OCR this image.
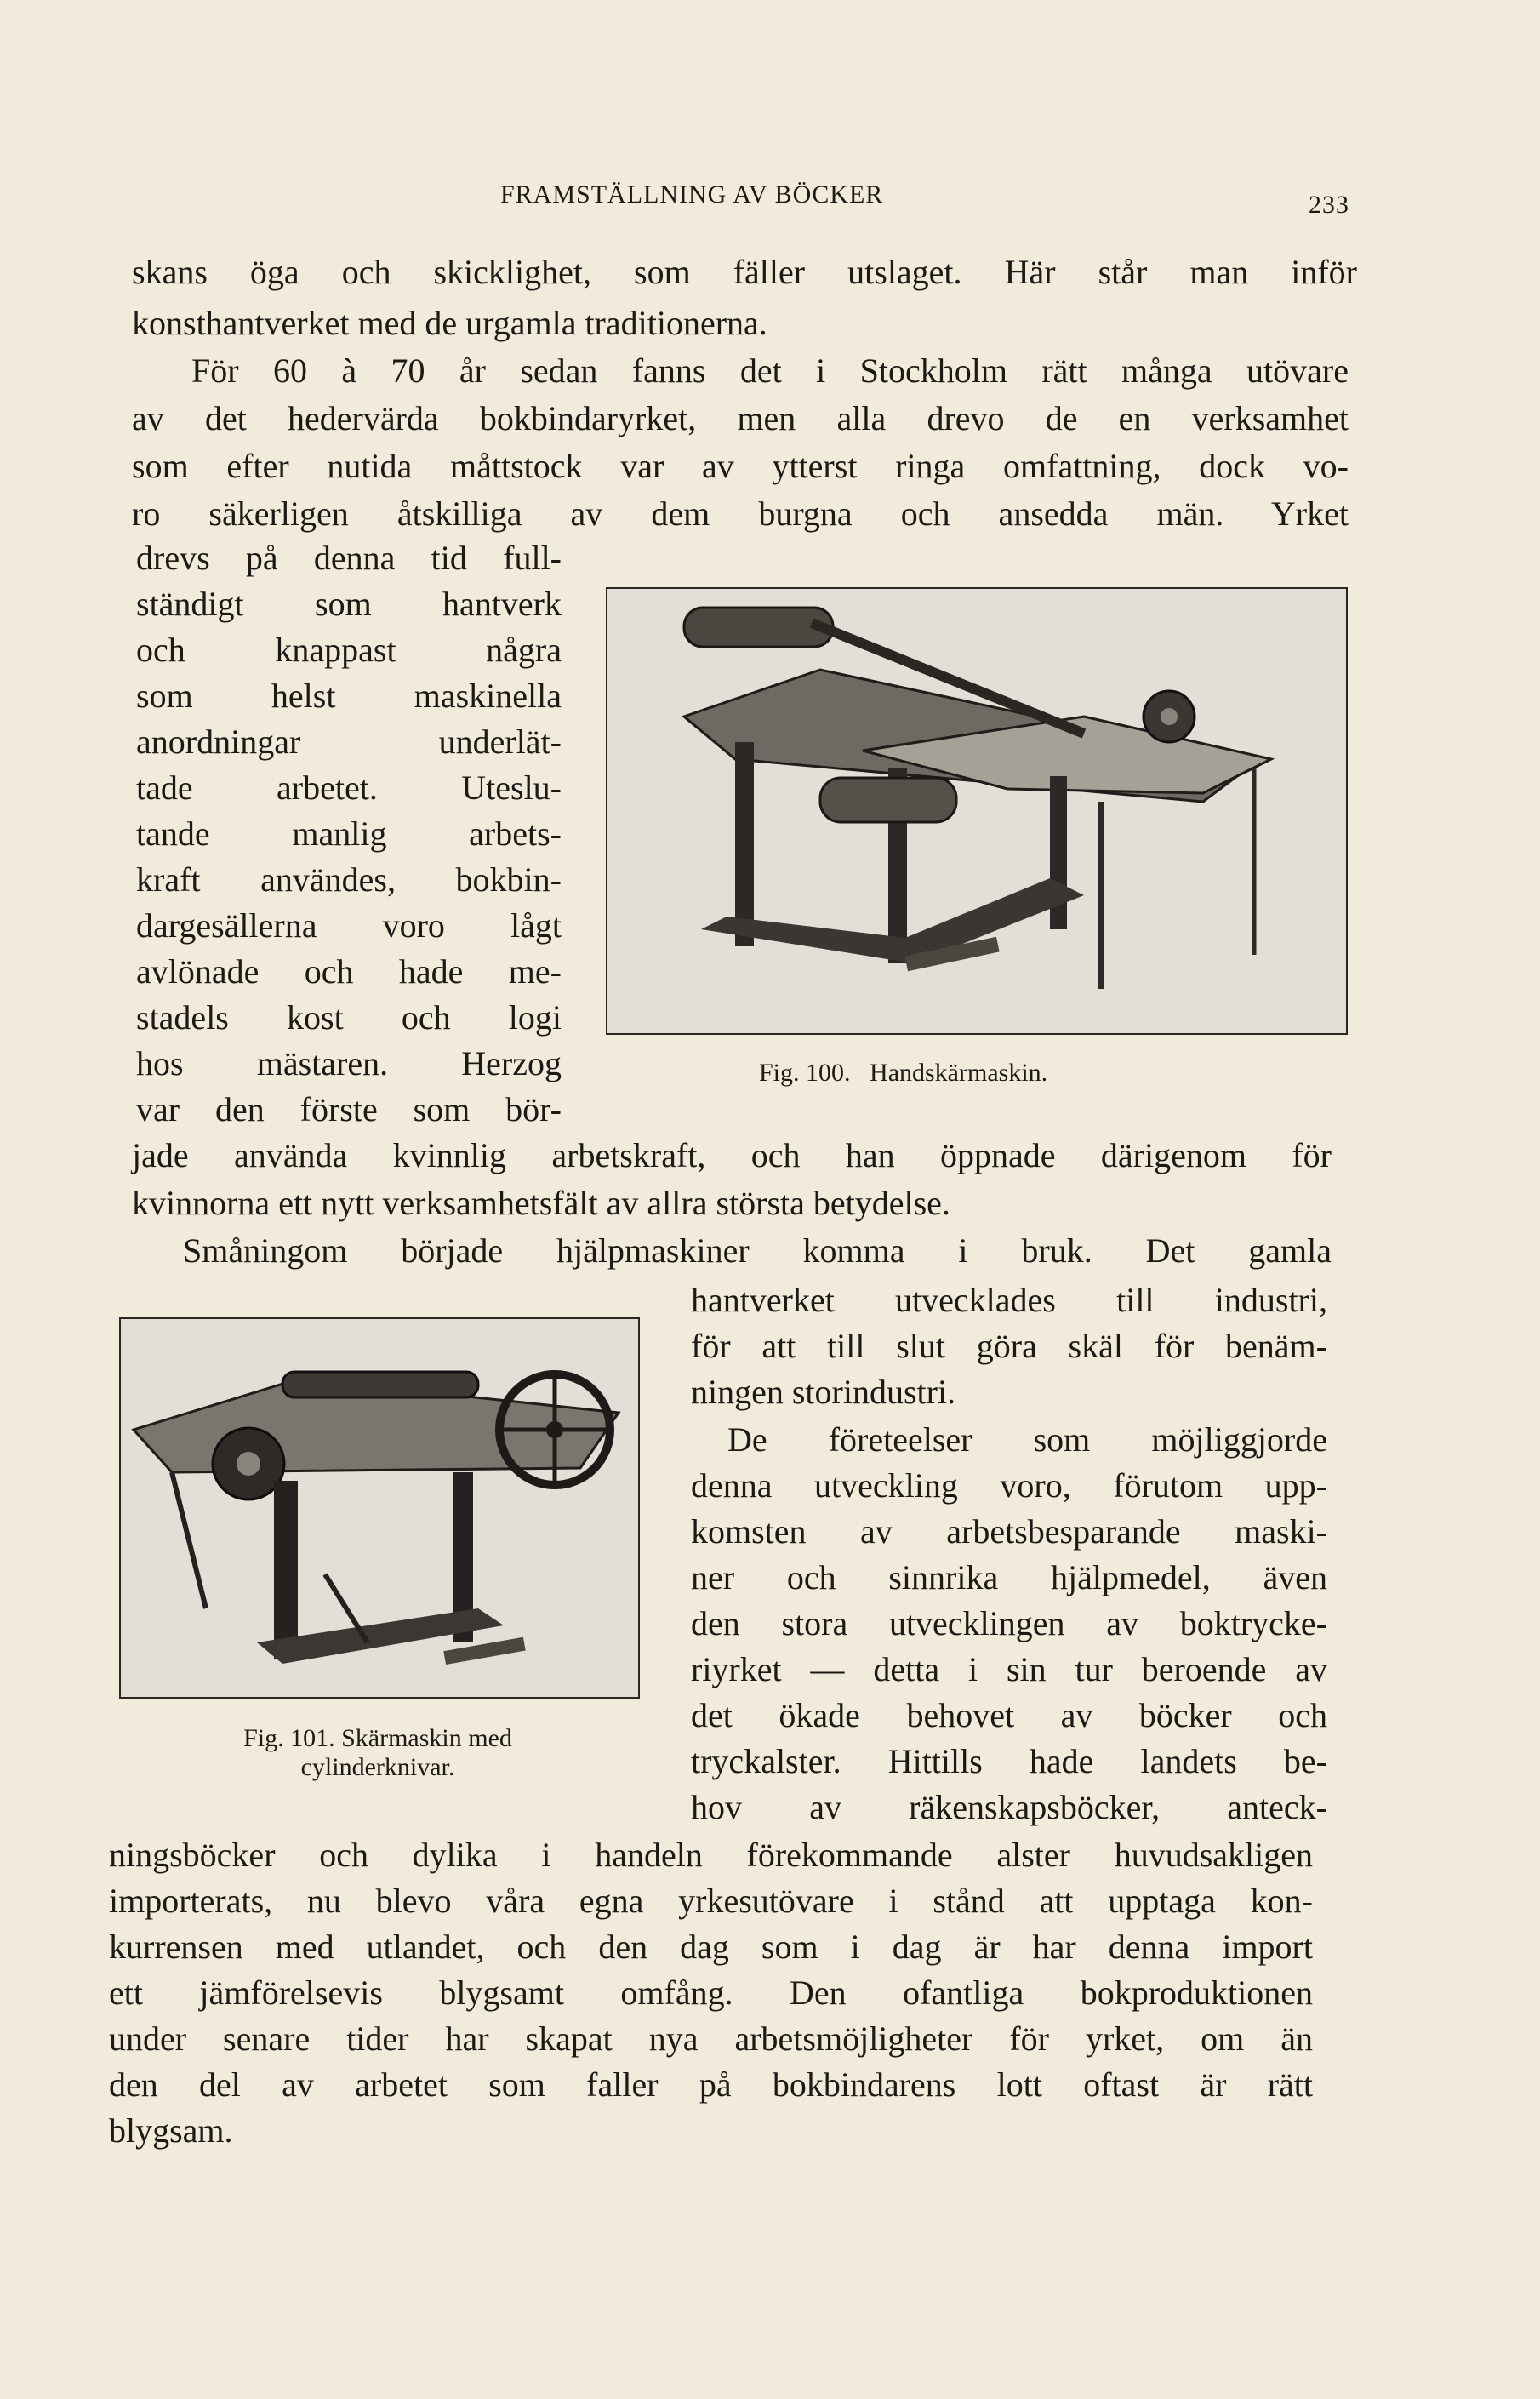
FRAMSTÄLLNING AV BÖCKER	233
skans öga och skicklighet, som fäller utslaget. Här står man inför
konsthantverket med de urgamla traditionerna.
För 60 à 70 år sedan fanns det i Stockholm rätt många utövare
av det hedervärda bokbindaryrket, men alla drevo de en verksamhet
som efter nutida måttstock var av ytterst ringa omfattning, dock vo-
ro säkerligen åtskilliga av dem burgna och ansedda män. Yrket
drevs på denna tid full-
ständigt som hantverk
och knappast några
som helst maskinella
anordningar underlät-
tade arbetet. Uteslu-
tande manlig arbets-
kraft användes, bokbin-
dargesällerna voro lågt
avlönade och hade me-
stadels kost och logi
hos mästaren. Herzog
var den förste som bör-
jade använda kvinnlig arbetskraft, och han öppnade därigenom för
kvinnorna ett nytt verksamhetsfält av allra största betydelse.
Småningom började hjälpmaskiner komma i bruk. Det gamla
hantverket utvecklades till industri,
för att till slut göra skäl för benäm-
ningen storindustri.
De företeelser som möjliggjorde
denna utveckling voro, förutom upp-
komsten av arbetsbesparande maski-
ner och sinnrika hjälpmedel, även
den stora utvecklingen av boktrycke-
riyrket — detta i sin tur beroende av
det ökade behovet av böcker och
tryckalster. Hittills hade landets be-
hov av räkenskapsböcker, anteck-
ningsböcker och dylika i handeln förekommande alster huvudsakligen
importerats, nu blevo våra egna yrkesutövare i stånd att upptaga kon-
kurrensen med utlandet, och den dag som i dag är har denna import
ett jämförelsevis blygsamt omfång. Den ofantliga bokproduktionen
under senare tider har skapat nya arbetsmöjligheter för yrket, om än
den del av arbetet som faller på bokbindarens lott oftast är rätt
blygsam.
Fig. 100. Handskärmaskin.
Fig. 101. Skärmaskin med
cylinderknivar.
